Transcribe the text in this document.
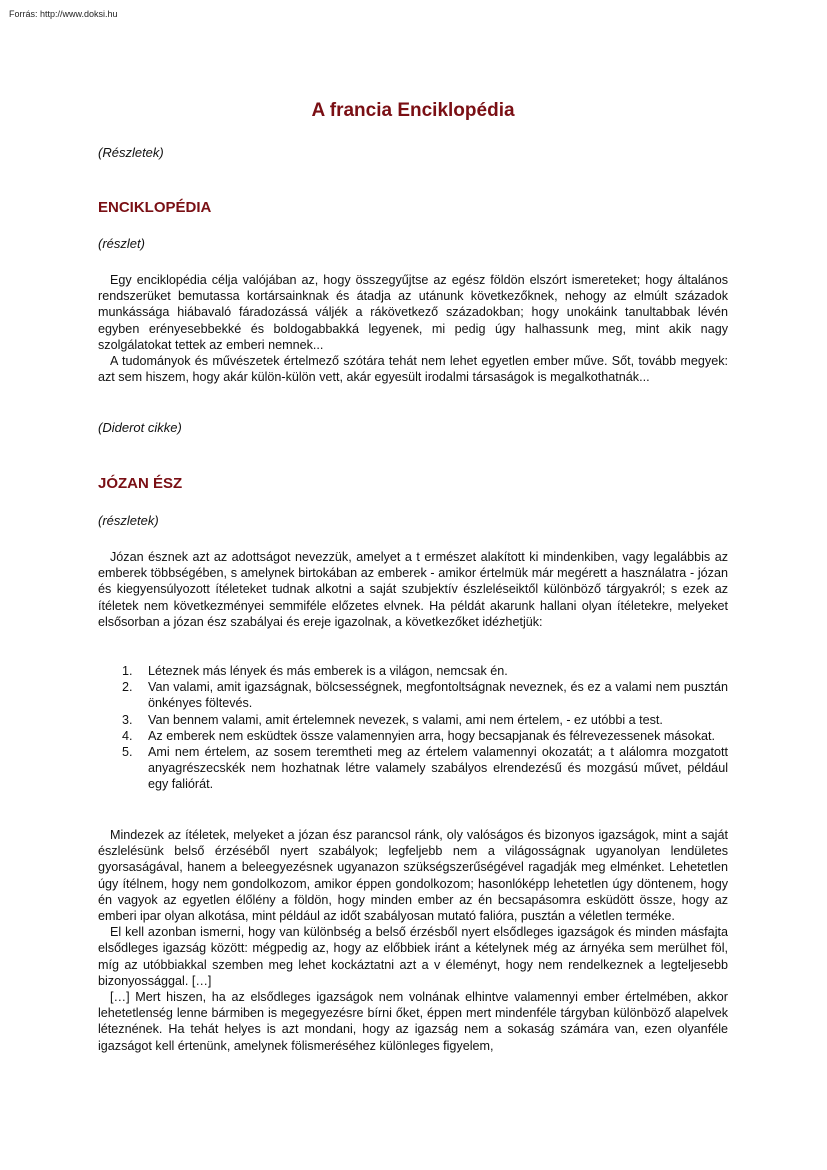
Forrás: http://www.doksi.hu
A francia Enciklopédia

(Részletek)

ENCIKLOPÉDIA

(részlet)

Egy enciklopédia célja valójában az, hogy összegyűjtse az egész földön elszórt ismereteket; hogy általános rendszerüket bemutassa kortársainknak és átadja az utánunk következőknek, nehogy az elmúlt századok munkássága hiábavaló fáradozássá váljék a rákövetkező századokban; hogy unokáink tanultabbak lévén egyben erényesebbekké és boldogabbakká legyenek, mi pedig úgy halhassunk meg, mint akik nagy szolgálatokat tettek az emberi nemnek...

A tudományok és művészetek értelmező szótára tehát nem lehet egyetlen ember műve. Sőt, tovább megyek: azt sem hiszem, hogy akár külön-külön vett, akár egyesült irodalmi társaságok is megalkothatnák...

(Diderot cikke)

JÓZAN ÉSZ

(részletek)

Józan észnek azt az adottságot nevezzük, amelyet a t ermészet alakított ki mindenkiben, vagy legalábbis az emberek többségében, s amelynek birtokában az emberek - amikor értelmük már megérett a használatra - józan és kiegyensúlyozott ítéleteket tudnak alkotni a saját szubjektív észleléseiktől különböző tárgyakról; s ezek az ítéletek nem következményei semmiféle előzetes elvnek. Ha példát akarunk hallani olyan ítéletekre, melyeket elsősorban a józan ész szabályai és ereje igazolnak, a következőket idézhetjük:

1. Léteznek más lények és más emberek is a világon, nemcsak én.
2. Van valami, amit igazságnak, bölcsességnek, megfontoltságnak neveznek, és ez a valami nem pusztán önkényes föltevés.
3. Van bennem valami, amit értelemnek nevezek, s valami, ami nem értelem, - ez utóbbi a test.
4. Az emberek nem esküdtek össze valamennyien arra, hogy becsapjanak és félrevezessenek másokat.
5. Ami nem értelem, az sosem teremtheti meg az értelem valamennyi okozatát; a t alálomra mozgatott anyagrészecskék nem hozhatnak létre valamely szabályos elrendezésű és mozgású művet, például egy faliórát.

Mindezek az ítéletek, melyeket a józan ész parancsol ránk, oly valóságos és bizonyos igazságok, mint a saját észlelésünk belső érzéséből nyert szabályok; legfeljebb nem a világosságnak ugyanolyan lendületes gyorsaságával, hanem a beleegyezésnek ugyanazon szükségszerűségével ragadják meg elménket. Lehetetlen úgy ítélnem, hogy nem gondolkozom, amikor éppen gondolkozom; hasonlóképp lehetetlen úgy döntenem, hogy én vagyok az egyetlen élőlény a földön, hogy minden ember az én becsapásomra esküdött össze, hogy az emberi ipar olyan alkotása, mint például az időt szabályosan mutató falióra, pusztán a véletlen terméke.

El kell azonban ismerni, hogy van különbség a belső érzésből nyert elsődleges igazságok és minden másfajta elsődleges igazság között: mégpedig az, hogy az előbbiek iránt a kételynek még az árnyéka sem merülhet föl, míg az utóbbiakkal szemben meg lehet kockáztatni azt a v éleményt, hogy nem rendelkeznek a legteljesebb bizonyossággal. […]

[…] Mert hiszen, ha az elsődleges igazságok nem volnának elhintve valamennyi ember értelmében, akkor lehetetlenség lenne bármiben is megegyezésre bírni őket, éppen mert mindenféle tárgyban különböző alapelvek léteznének. Ha tehát helyes is azt mondani, hogy az igazság nem a sokaság számára van, ezen olyanféle igazságot kell értenünk, amelynek fölismeréséhez különleges figyelem,
